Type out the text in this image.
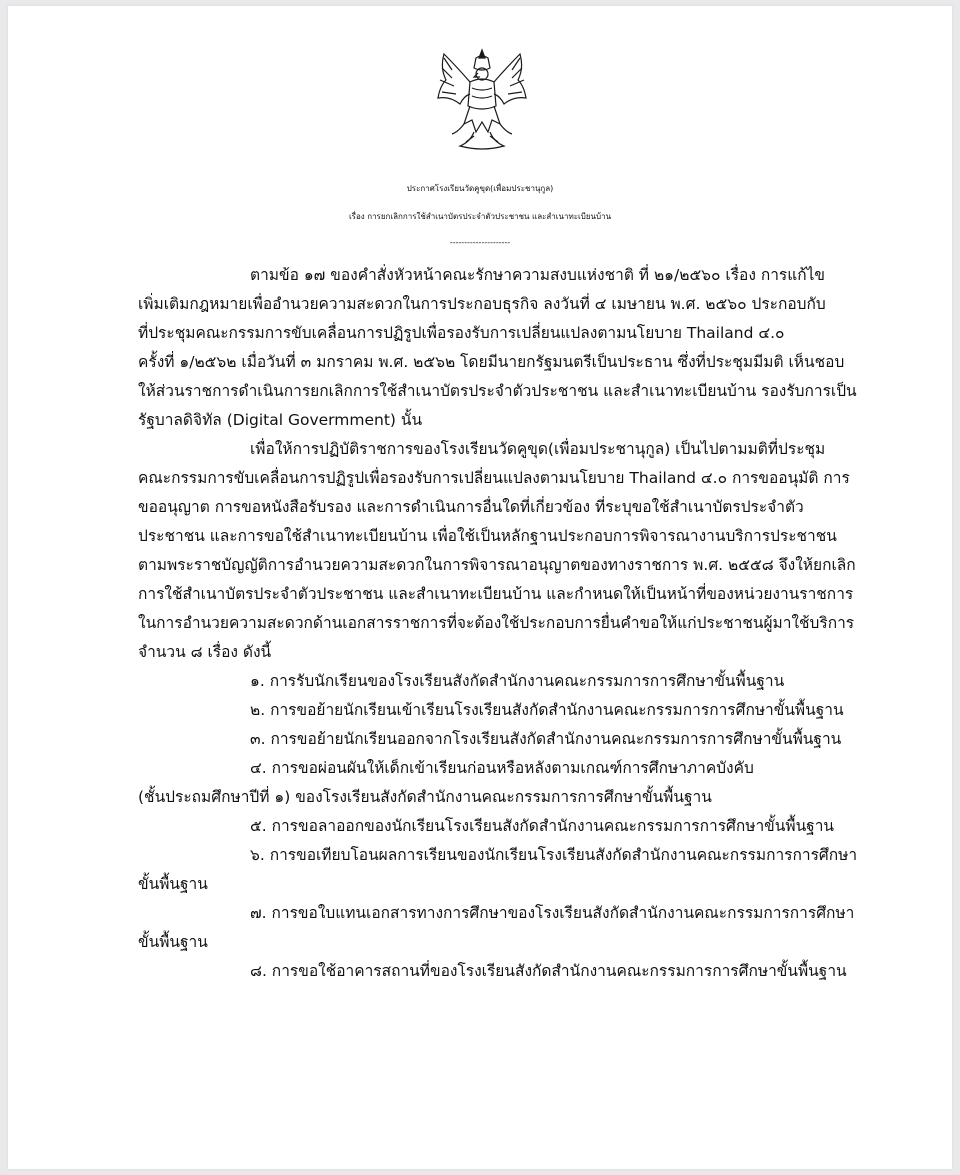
ประกาศโรงเรียนวัดคูขุด(เพื่อมประชานุกูล)
เรื่อง การยกเลิกการใช้สำเนาบัตรประจำตัวประชาชน และสำเนาทะเบียนบ้าน
---------------------
ตามข้อ ๑๗ ของคำสั่งหัวหน้าคณะรักษาความสงบแห่งชาติ ที่ ๒๑/๒๕๖๐ เรื่อง การแก้ไข
เพิ่มเติมกฎหมายเพื่ออำนวยความสะดวกในการประกอบธุรกิจ ลงวันที่ ๔ เมษายน พ.ศ. ๒๕๖๐ ประกอบกับ
ที่ประชุมคณะกรรมการขับเคลื่อนการปฏิรูปเพื่อรองรับการเปลี่ยนแปลงตามนโยบาย Thailand ๔.๐
ครั้งที่ ๑/๒๕๖๒ เมื่อวันที่ ๓ มกราคม พ.ศ. ๒๕๖๒ โดยมีนายกรัฐมนตรีเป็นประธาน ซึ่งที่ประชุมมีมติ เห็นชอบ
ให้ส่วนราชการดำเนินการยกเลิกการใช้สำเนาบัตรประจำตัวประชาชน และสำเนาทะเบียนบ้าน รองรับการเป็น
รัฐบาลดิจิทัล (Digital Govermment) นั้น
เพื่อให้การปฏิบัติราชการของโรงเรียนวัดคูขุด(เพื่อมประชานุกูล) เป็นไปตามมติที่ประชุม
คณะกรรมการขับเคลื่อนการปฏิรูปเพื่อรองรับการเปลี่ยนแปลงตามนโยบาย Thailand ๔.๐ การขออนุมัติ การ
ขออนุญาต การขอหนังสือรับรอง และการดำเนินการอื่นใดที่เกี่ยวข้อง ที่ระบุขอใช้สำเนาบัตรประจำตัว
ประชาชน และการขอใช้สำเนาทะเบียนบ้าน เพื่อใช้เป็นหลักฐานประกอบการพิจารณางานบริการประชาชน
ตามพระราชบัญญัติการอำนวยความสะดวกในการพิจารณาอนุญาตของทางราชการ พ.ศ. ๒๕๕๘ จึงให้ยกเลิก
การใช้สำเนาบัตรประจำตัวประชาชน และสำเนาทะเบียนบ้าน และกำหนดให้เป็นหน้าที่ของหน่วยงานราชการ
ในการอำนวยความสะดวกด้านเอกสารราชการที่จะต้องใช้ประกอบการยื่นคำขอให้แก่ประชาชนผู้มาใช้บริการ
จำนวน ๘ เรื่อง ดังนี้
๑. การรับนักเรียนของโรงเรียนสังกัดสำนักงานคณะกรรมการการศึกษาขั้นพื้นฐาน
๒. การขอย้ายนักเรียนเข้าเรียนโรงเรียนสังกัดสำนักงานคณะกรรมการการศึกษาขั้นพื้นฐาน
๓. การขอย้ายนักเรียนออกจากโรงเรียนสังกัดสำนักงานคณะกรรมการการศึกษาขั้นพื้นฐาน
๔. การขอผ่อนผันให้เด็กเข้าเรียนก่อนหรือหลังตามเกณฑ์การศึกษาภาคบังคับ
(ชั้นประถมศึกษาปีที่ ๑) ของโรงเรียนสังกัดสำนักงานคณะกรรมการการศึกษาขั้นพื้นฐาน
๕. การขอลาออกของนักเรียนโรงเรียนสังกัดสำนักงานคณะกรรมการการศึกษาขั้นพื้นฐาน
๖. การขอเทียบโอนผลการเรียนของนักเรียนโรงเรียนสังกัดสำนักงานคณะกรรมการการศึกษา
ขั้นพื้นฐาน
๗. การขอใบแทนเอกสารทางการศึกษาของโรงเรียนสังกัดสำนักงานคณะกรรมการการศึกษา
ขั้นพื้นฐาน
๘. การขอใช้อาคารสถานที่ของโรงเรียนสังกัดสำนักงานคณะกรรมการการศึกษาขั้นพื้นฐาน
